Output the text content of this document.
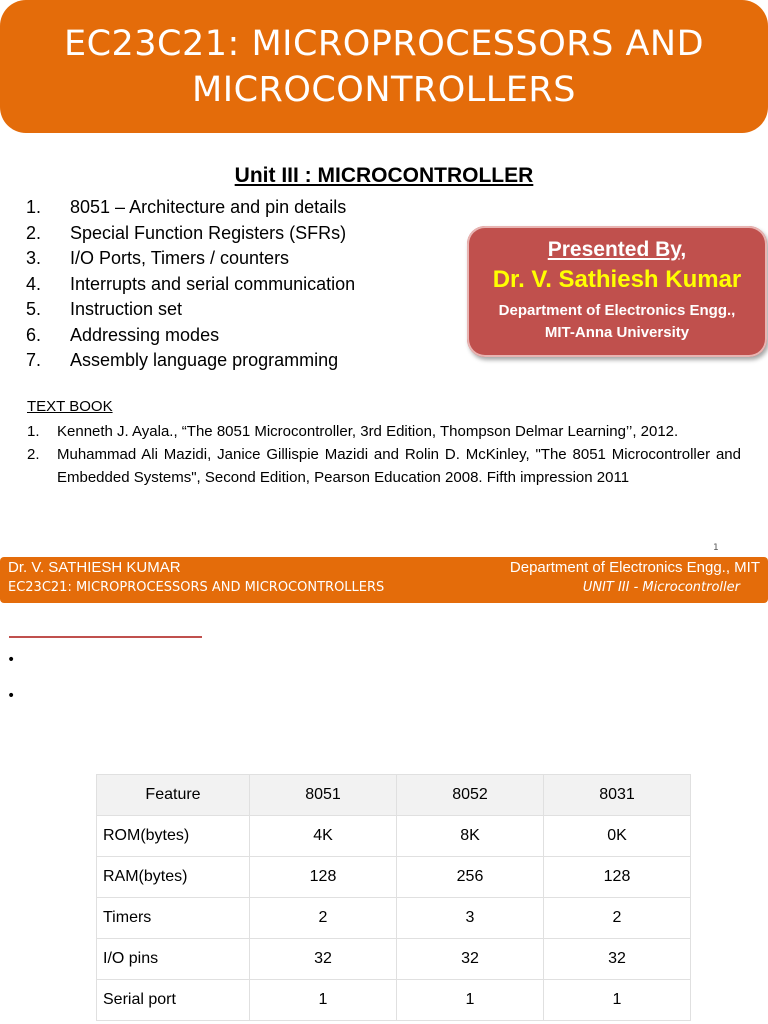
EC23C21: MICROPROCESSORS AND MICROCONTROLLERS
Unit III : MICROCONTROLLER
1.	8051 – Architecture and pin details
2.	Special Function Registers (SFRs)
3.	I/O Ports, Timers / counters
4.	Interrupts and serial communication
5.	Instruction set
6.	Addressing modes
7.	Assembly language programming
Presented By,
Dr. V. Sathiesh Kumar
Department of Electronics Engg.,
MIT-Anna University
TEXT BOOK
1.	Kenneth J. Ayala., “The 8051 Microcontroller, 3rd Edition, Thompson Delmar Learning’’, 2012.
2.	Muhammad Ali Mazidi, Janice Gillispie Mazidi and Rolin D. McKinley, "The 8051 Microcontroller and Embedded Systems", Second Edition, Pearson Education 2008. Fifth impression 2011
1
Dr. V. SATHIESH KUMAR	Department of Electronics Engg., MIT
EC23C21: MICROPROCESSORS AND MICROCONTROLLERS	UNIT III - Microcontroller
•
•
Feature	8051	8052	8031
ROM(bytes)	4K	8K	0K
RAM(bytes)	128	256	128
Timers	2	3	2
I/O pins	32	32	32
Serial port	1	1	1
